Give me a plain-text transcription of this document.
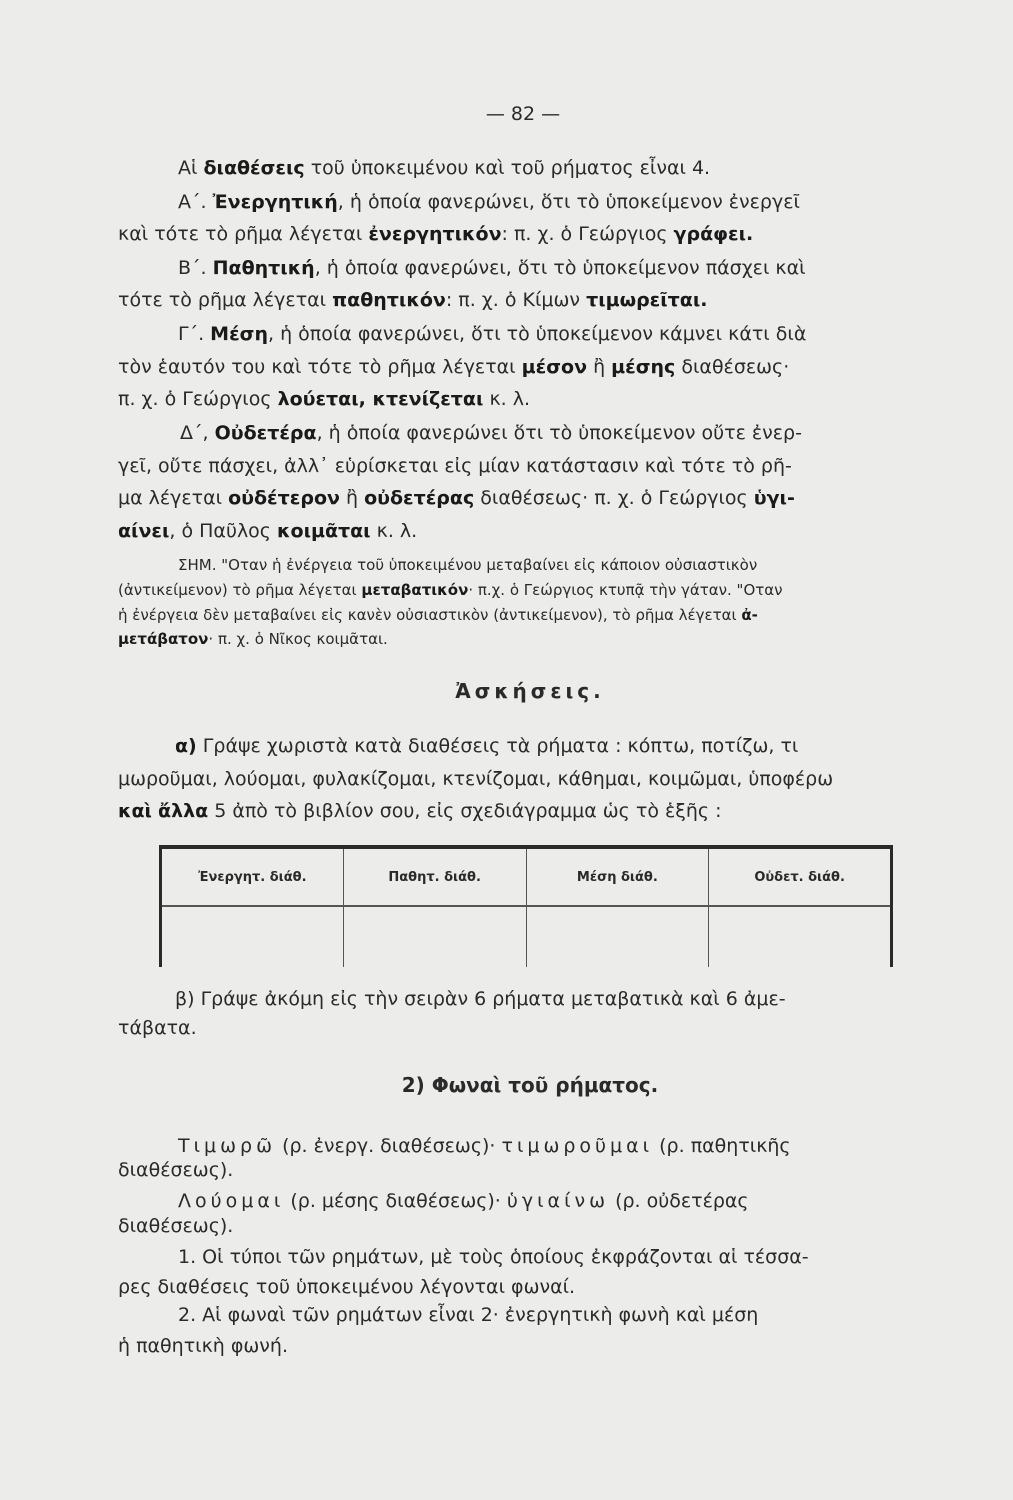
— 82 —
Αἱ διαθέσεις τοῦ ὑποκειμένου καὶ τοῦ ρήματος εἶναι 4.
Α΄. Ἐνεργητική, ἡ ὁποία φανερώνει, ὅτι τὸ ὑποκείμενον ἐνεργεῖ
καὶ τότε τὸ ρῆμα λέγεται ἐνεργητικόν: π. χ. ὁ Γεώργιος γράφει.
Β΄. Παθητική, ἡ ὁποία φανερώνει, ὅτι τὸ ὑποκείμενον πάσχει καὶ
τότε τὸ ρῆμα λέγεται παθητικόν: π. χ. ὁ Κίμων τιμωρεῖται.
Γ΄. Μέση, ἡ ὁποία φανερώνει, ὅτι τὸ ὑποκείμενον κάμνει κάτι διὰ
τὸν ἑαυτόν του καὶ τότε τὸ ρῆμα λέγεται μέσον ἢ μέσης διαθέσεως·
π. χ. ὁ Γεώργιος λούεται, κτενίζεται κ. λ.
Δ΄, Οὐδετέρα, ἡ ὁποία φανερώνει ὅτι τὸ ὑποκείμενον οὔτε ἐνερ-
γεῖ, οὔτε πάσχει, ἀλλ᾽ εὑρίσκεται εἰς μίαν κατάστασιν καὶ τότε τὸ ρῆ-
μα λέγεται οὐδέτερον ἢ οὐδετέρας διαθέσεως· π. χ. ὁ Γεώργιος ὑγι-
αίνει, ὁ Παῦλος κοιμᾶται κ. λ.
ΣΗΜ. "Οταν ἡ ἐνέργεια τοῦ ὑποκειμένου μεταβαίνει εἰς κάποιον οὐσιαστικὸν
(ἀντικείμενον) τὸ ρῆμα λέγεται μεταβατικόν· π.χ. ὁ Γεώργιος κτυπᾷ τὴν γάταν. "Οταν
ἡ ἐνέργεια δὲν μεταβαίνει εἰς κανὲν οὐσιαστικὸν (ἀντικείμενον), τὸ ρῆμα λέγεται ἀ-
μετάβατον· π. χ. ὁ Νῖκος κοιμᾶται.
Ἀσκήσεις.
α) Γράψε χωριστὰ κατὰ διαθέσεις τὰ ρήματα : κόπτω, ποτίζω, τι
μωροῦμαι, λούομαι, φυλακίζομαι, κτενίζομαι, κάθημαι, κοιμῶμαι, ὑποφέρω
καὶ ἄλλα 5 ἀπὸ τὸ βιβλίον σου, εἰς σχεδιάγραμμα ὡς τὸ ἑξῆς :
Ἐνεργητ. διάθ.	Παθητ. διάθ.	Μέση διάθ.	Οὐδετ. διάθ.

β) Γράψε ἀκόμη εἰς τὴν σειρὰν 6 ρήματα μεταβατικὰ καὶ 6 ἀμε-
τάβατα.
2) Φωναὶ τοῦ ρήματος.
Τιμωρῶ (ρ. ἐνεργ. διαθέσεως)· τιμωροῦμαι (ρ. παθητικῆς
διαθέσεως).
Λούομαι (ρ. μέσης διαθέσεως)· ὑγιαίνω (ρ. οὐδετέρας
διαθέσεως).
1. Οἱ τύποι τῶν ρημάτων, μὲ τοὺς ὁποίους ἐκφράζονται αἱ τέσσα-
ρες διαθέσεις τοῦ ὑποκειμένου λέγονται φωναί.
2. Αἱ φωναὶ τῶν ρημάτων εἶναι 2· ἐνεργητικὴ φωνὴ καὶ μέση
ἡ παθητικὴ φωνή.
